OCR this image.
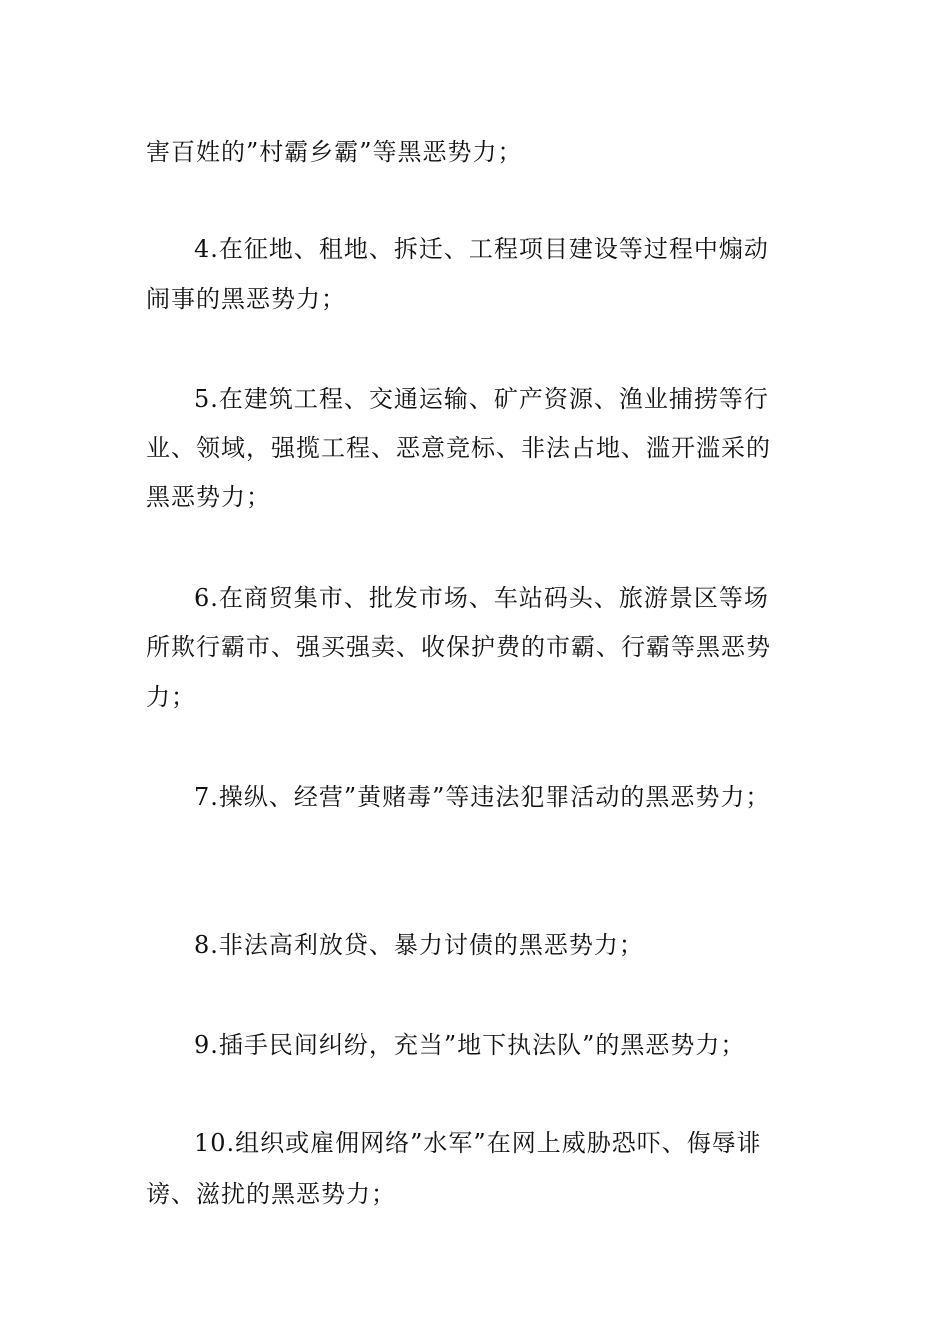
害百姓的”村霸乡霸”等黑恶势力；
4.在征地、租地、拆迁、工程项目建设等过程中煽动
闹事的黑恶势力；
5.在建筑工程、交通运输、矿产资源、渔业捕捞等行
业、领域，强揽工程、恶意竞标、非法占地、滥开滥采的
黑恶势力；
6.在商贸集市、批发市场、车站码头、旅游景区等场
所欺行霸市、强买强卖、收保护费的市霸、行霸等黑恶势
力；
7.操纵、经营”黄赌毒”等违法犯罪活动的黑恶势力；
8.非法高利放贷、暴力讨债的黑恶势力；
9.插手民间纠纷，充当”地下执法队”的黑恶势力；
10.组织或雇佣网络”水军”在网上威胁恐吓、侮辱诽
谤、滋扰的黑恶势力；
